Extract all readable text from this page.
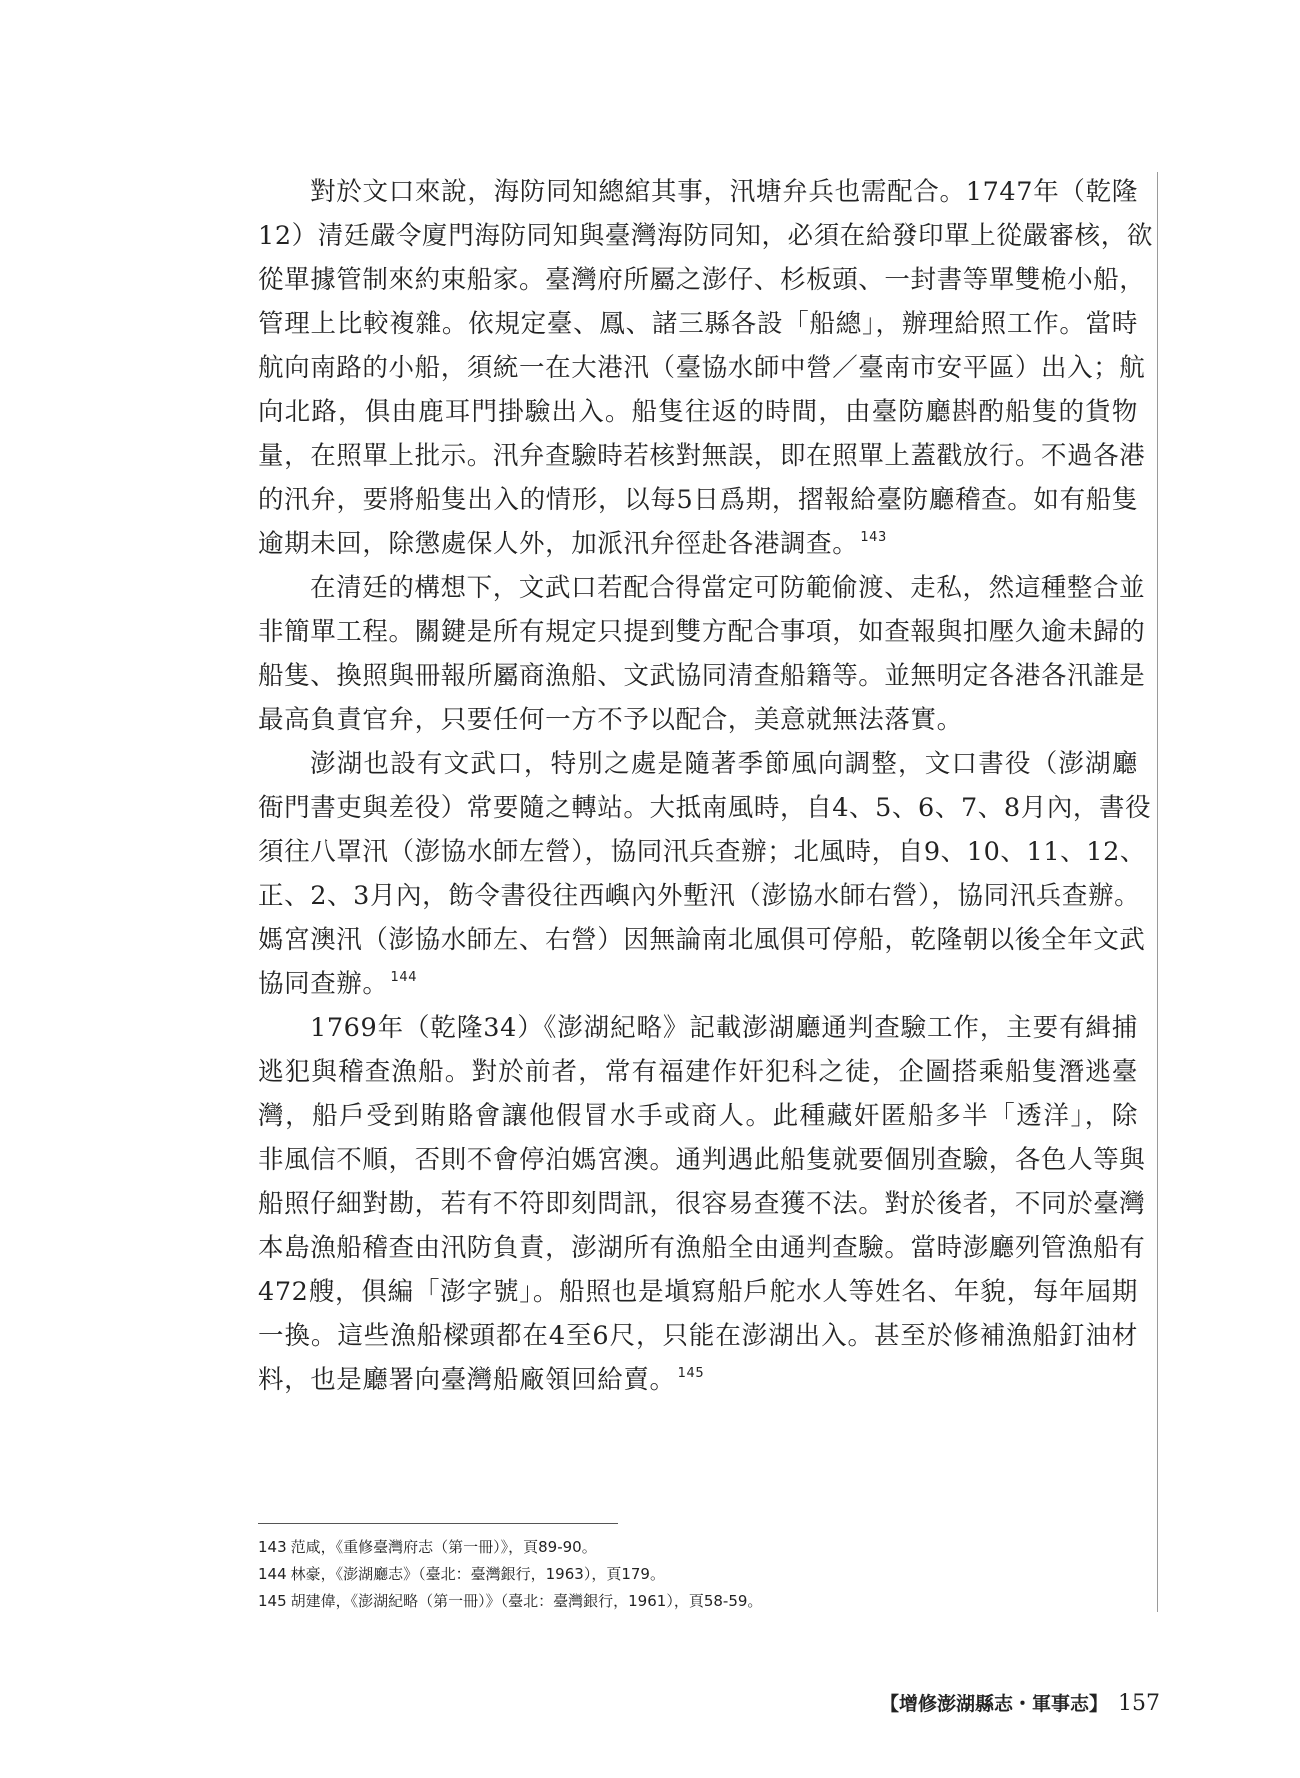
對於文口來說，海防同知總綰其事，汛塘弁兵也需配合。1747年（乾隆
12）清廷嚴令廈門海防同知與臺灣海防同知，必須在給發印單上從嚴審核，欲
從單據管制來約束船家。臺灣府所屬之澎仔、杉板頭、一封書等單雙桅小船，
管理上比較複雜。依規定臺、鳳、諸三縣各設「船總」，辦理給照工作。當時
航向南路的小船，須統一在大港汛（臺協水師中營／臺南市安平區）出入；航
向北路，俱由鹿耳門掛驗出入。船隻往返的時間，由臺防廳斟酌船隻的貨物
量，在照單上批示。汛弁查驗時若核對無誤，即在照單上蓋戳放行。不過各港
的汛弁，要將船隻出入的情形，以每5日爲期，摺報給臺防廳稽查。如有船隻
逾期未回，除懲處保人外，加派汛弁徑赴各港調查。 $^{143}$

在清廷的構想下，文武口若配合得當定可防範偷渡、走私，然這種整合並
非簡單工程。關鍵是所有規定只提到雙方配合事項，如查報與扣壓久逾未歸的
船隻、換照與冊報所屬商漁船、文武協同清查船籍等。並無明定各港各汛誰是
最高負責官弁，只要任何一方不予以配合，美意就無法落實。

澎湖也設有文武口，特別之處是隨著季節風向調整，文口書役（澎湖廳
衙門書吏與差役）常要隨之轉站。大抵南風時，自4、5、6、7、8月內，書役
須往八罩汛（澎協水師左營），協同汛兵查辦；北風時，自9、10、11、12、
正、2、3月內，飭令書役往西嶼內外塹汛（澎協水師右營），協同汛兵查辦。
媽宮澳汛（澎協水師左、右營）因無論南北風俱可停船，乾隆朝以後全年文武
協同查辦。 $^{144}$

1769年（乾隆34）《澎湖紀略》記載澎湖廳通判查驗工作，主要有緝捕
逃犯與稽查漁船。對於前者，常有福建作奸犯科之徒，企圖搭乘船隻潛逃臺
灣，船戶受到賄賂會讓他假冒水手或商人。此種藏奸匿船多半「透洋」，除
非風信不順，否則不會停泊媽宮澳。通判遇此船隻就要個別查驗，各色人等與
船照仔細對勘，若有不符即刻問訊，很容易查獲不法。對於後者，不同於臺灣
本島漁船稽查由汛防負責，澎湖所有漁船全由通判查驗。當時澎廳列管漁船有
472艘，俱編「澎字號」。船照也是塡寫船戶舵水人等姓名、年貌，每年屆期
一換。這些漁船樑頭都在4至6尺，只能在澎湖出入。甚至於修補漁船釘油材
料，也是廳署向臺灣船廠領回給賣。 $^{145}$

143 范咸，《重修臺灣府志（第一冊）》，頁89-90。
144 林豪，《澎湖廳志》（臺北：臺灣銀行，1963），頁179。
145 胡建偉，《澎湖紀略（第一冊）》（臺北：臺灣銀行，1961），頁58-59。
【增修澎湖縣志・軍事志】 157
